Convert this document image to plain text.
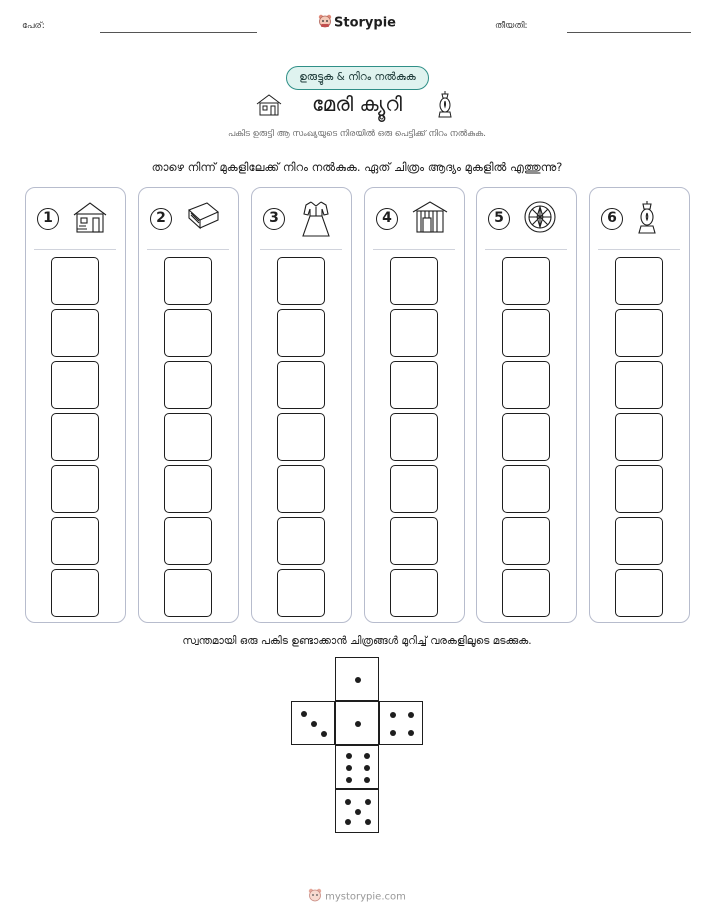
പേര്:	Storypie	തീയതി:
ഉരുട്ടുക & നിറം നൽകുക
മേരി ക്യൂറി
പകിട ഉരുട്ടി ആ സംഖ്യയുടെ നിരയിൽ ഒരു പെട്ടിക്ക് നിറം നൽകുക.
താഴെ നിന്ന് മുകളിലേക്ക് നിറം നൽകുക. ഏത് ചിത്രം ആദ്യം മുകളിൽ എത്തുന്നു?
1	2	3	4	5	6
സ്വന്തമായി ഒരു പകിട ഉണ്ടാക്കാൻ ചിത്രങ്ങൾ മുറിച്ച് വരകളിലൂടെ മടക്കുക.
mystorypie.com
